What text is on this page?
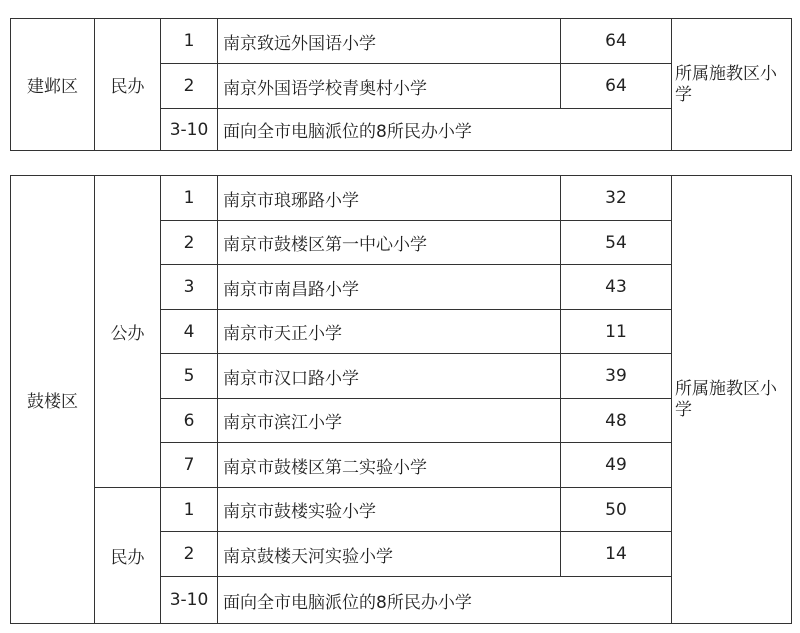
建邺区	民办	1	南京致远外国语小学	64	所属施教区小学
		2	南京外国语学校青奥村小学	64	
		3-10	面向全市电脑派位的8所民办小学		
鼓楼区	公办	1	南京市琅琊路小学	32	所属施教区小学
		2	南京市鼓楼区第一中心小学	54	
		3	南京市南昌路小学	43	
		4	南京市天正小学	11	
		5	南京市汉口路小学	39	
		6	南京市滨江小学	48	
		7	南京市鼓楼区第二实验小学	49	
	民办	1	南京市鼓楼实验小学	50	
		2	南京鼓楼天河实验小学	14	
		3-10	面向全市电脑派位的8所民办小学		
